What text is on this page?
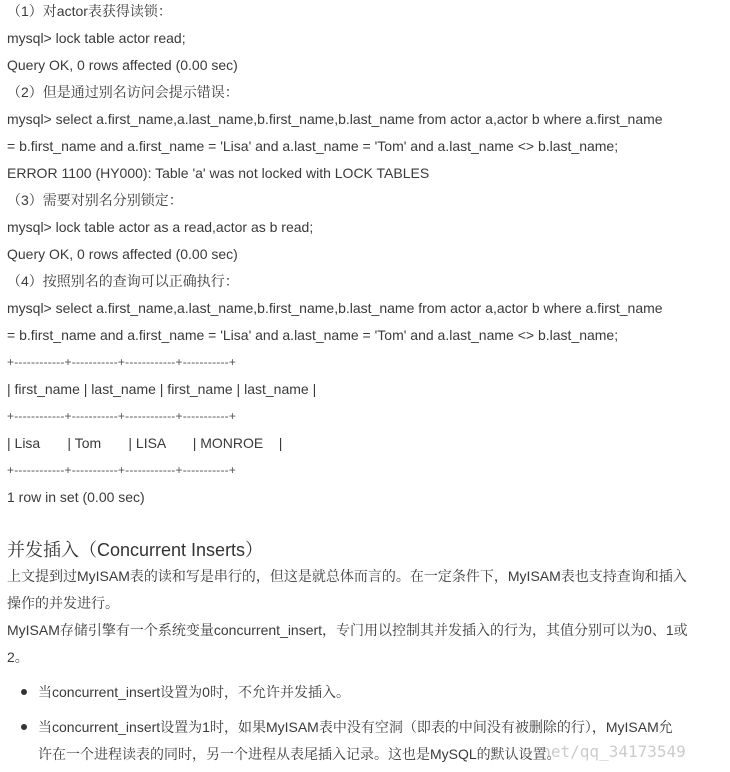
（1）对actor表获得读锁：
mysql> lock table actor read;
Query OK, 0 rows affected (0.00 sec)
（2）但是通过别名访问会提示错误：
mysql> select a.first_name,a.last_name,b.first_name,b.last_name from actor a,actor b where a.first_name
= b.first_name and a.first_name = 'Lisa' and a.last_name = 'Tom' and a.last_name <> b.last_name;
ERROR 1100 (HY000): Table 'a' was not locked with LOCK TABLES
（3）需要对别名分别锁定：
mysql> lock table actor as a read,actor as b read;
Query OK, 0 rows affected (0.00 sec)
（4）按照别名的查询可以正确执行：
mysql> select a.first_name,a.last_name,b.first_name,b.last_name from actor a,actor b where a.first_name
= b.first_name and a.first_name = 'Lisa' and a.last_name = 'Tom' and a.last_name <> b.last_name;
+------------+-----------+------------+-----------+
| first_name | last_name | first_name | last_name |
+------------+-----------+------------+-----------+
| Lisa       | Tom       | LISA       | MONROE    |
+------------+-----------+------------+-----------+
1 row in set (0.00 sec)
并发插入（Concurrent Inserts）
上文提到过MyISAM表的读和写是串行的，但这是就总体而言的。在一定条件下，MyISAM表也支持查询和插入
操作的并发进行。
MyISAM存储引擎有一个系统变量concurrent_insert，专门用以控制其并发插入的行为，其值分别可以为0、1或
2。
当concurrent_insert设置为0时，不允许并发插入。
当concurrent_insert设置为1时，如果MyISAM表中没有空洞（即表的中间没有被删除的行），MyISAM允
许在一个进程读表的同时，另一个进程从表尾插入记录。这也是MySQL的默认设置。
n.net/qq_34173549
